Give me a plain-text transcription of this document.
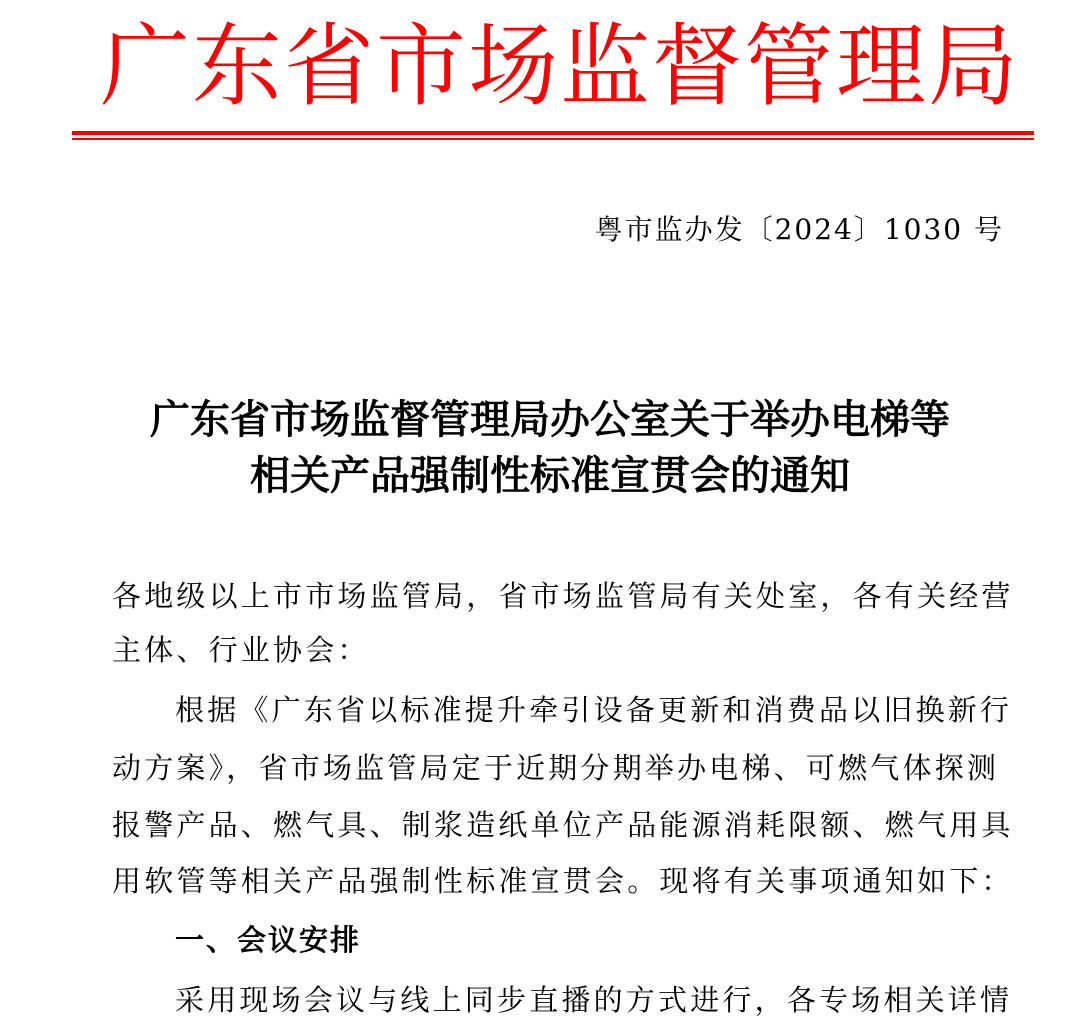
广东省市场监督管理局
粤市监办发〔2024〕1030 号
广东省市场监督管理局办公室关于举办电梯等
相关产品强制性标准宣贯会的通知
各地级以上市市场监管局，省市场监管局有关处室，各有关经营
主体、行业协会：
根据《广东省以标准提升牵引设备更新和消费品以旧换新行
动方案》，省市场监管局定于近期分期举办电梯、可燃气体探测
报警产品、燃气具、制浆造纸单位产品能源消耗限额、燃气用具
用软管等相关产品强制性标准宣贯会。现将有关事项通知如下：
一、会议安排
采用现场会议与线上同步直播的方式进行，各专场相关详情
